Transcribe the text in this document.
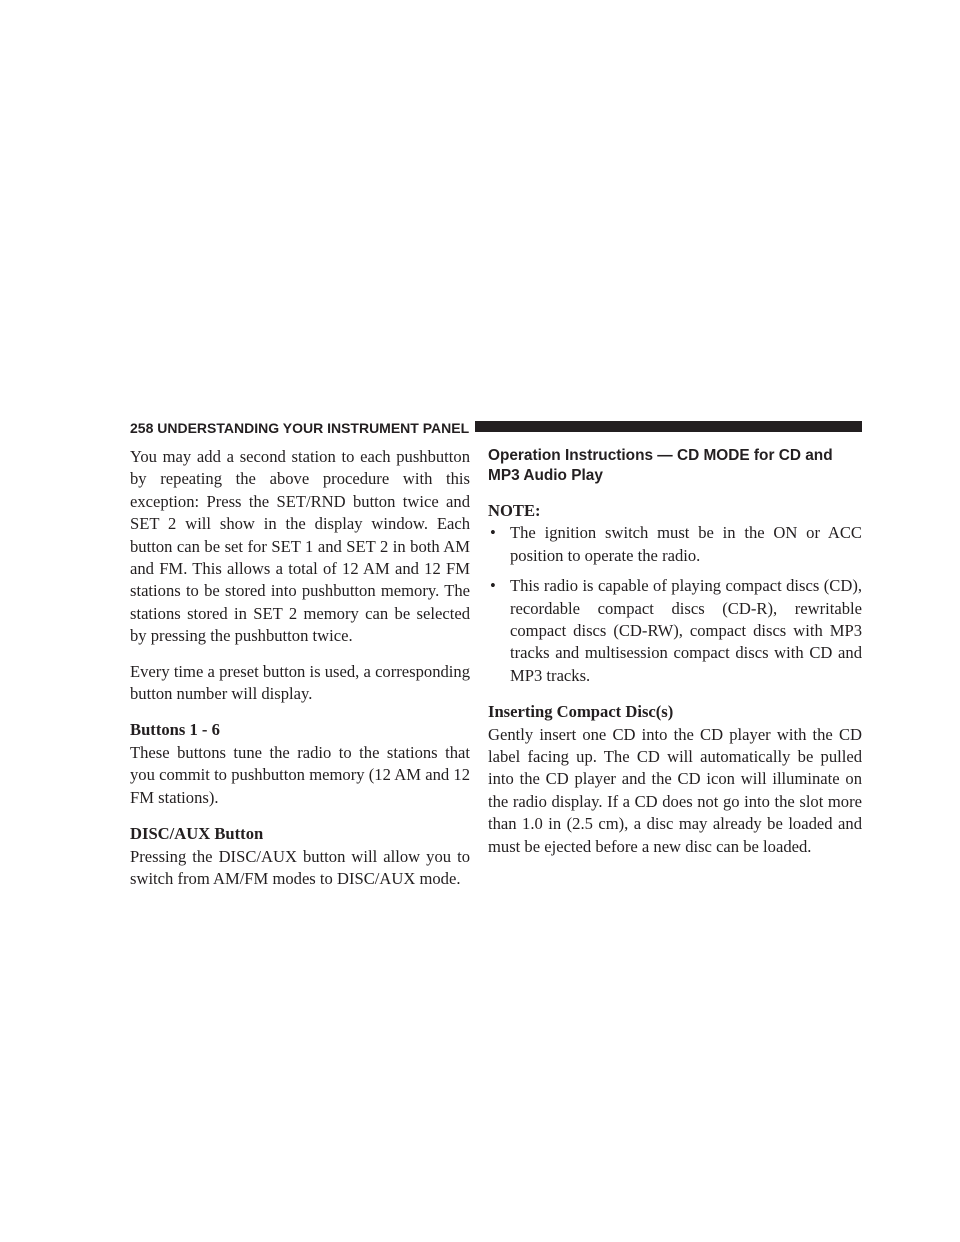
258 UNDERSTANDING YOUR INSTRUMENT PANEL

You may add a second station to each pushbutton by repeating the above procedure with this exception: Press the SET/RND button twice and SET 2 will show in the display window. Each button can be set for SET 1 and SET 2 in both AM and FM. This allows a total of 12 AM and 12 FM stations to be stored into pushbutton memory. The stations stored in SET 2 memory can be selected by pressing the pushbutton twice.

Every time a preset button is used, a corresponding button number will display.

Buttons 1 - 6

These buttons tune the radio to the stations that you commit to pushbutton memory (12 AM and 12 FM stations).

DISC/AUX Button

Pressing the DISC/AUX button will allow you to switch from AM/FM modes to DISC/AUX mode.

Operation Instructions — CD MODE for CD and MP3 Audio Play
NOTE:
• The ignition switch must be in the ON or ACC position to operate the radio.
• This radio is capable of playing compact discs (CD), recordable compact discs (CD-R), rewritable compact discs (CD-RW), compact discs with MP3 tracks and multisession compact discs with CD and MP3 tracks.
Inserting Compact Disc(s)

Gently insert one CD into the CD player with the CD label facing up. The CD will automatically be pulled into the CD player and the CD icon will illuminate on the radio display. If a CD does not go into the slot more than 1.0 in (2.5 cm), a disc may already be loaded and must be ejected before a new disc can be loaded.
